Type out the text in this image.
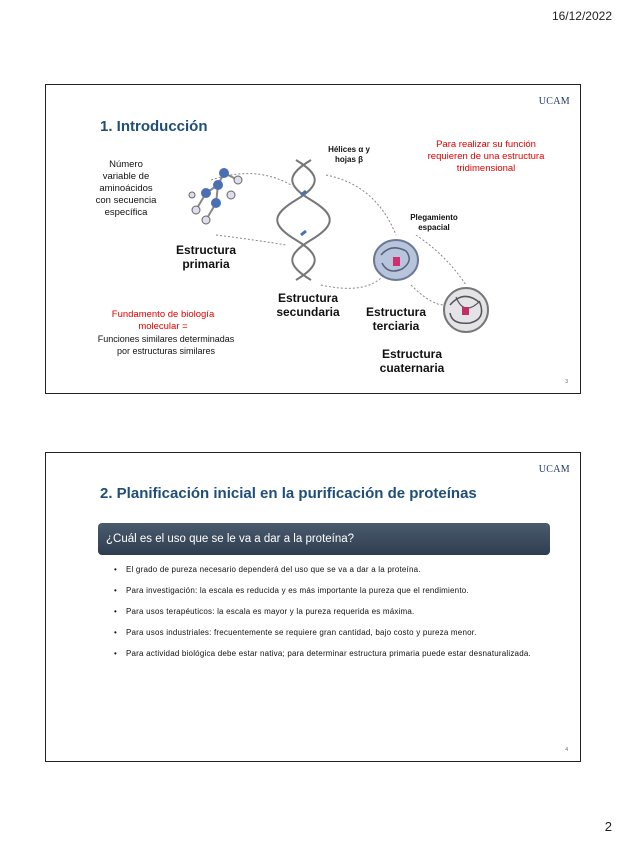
16/12/2022
UCAM
1. Introducción
Número
variable de
aminoácidos
con secuencia
específica
Hélices α y
hojas β
Para realizar su función
requieren de una estructura
tridimensional
Plegamiento
espacial
Estructura
primaria
Estructura
secundaria	Estructura
terciaria
Estructura
cuaternaria
Fundamento de biología
molecular =
Funciones similares determinadas
por estructuras similares
3
UCAM
2. Planificación inicial en la purificación de proteínas
¿Cuál es el uso que se le va a dar a la proteína?
• El grado de pureza necesario dependerá del uso que se va a dar a la proteína.
• Para investigación: la escala es reducida y es más importante la pureza que el rendimiento.
• Para usos terapéuticos: la escala es mayor y la pureza requerida es máxima.
• Para usos industriales: frecuentemente se requiere gran cantidad, bajo costo y pureza menor.
• Para actividad biológica debe estar nativa; para determinar estructura primaria puede estar desnaturalizada.
4
2
